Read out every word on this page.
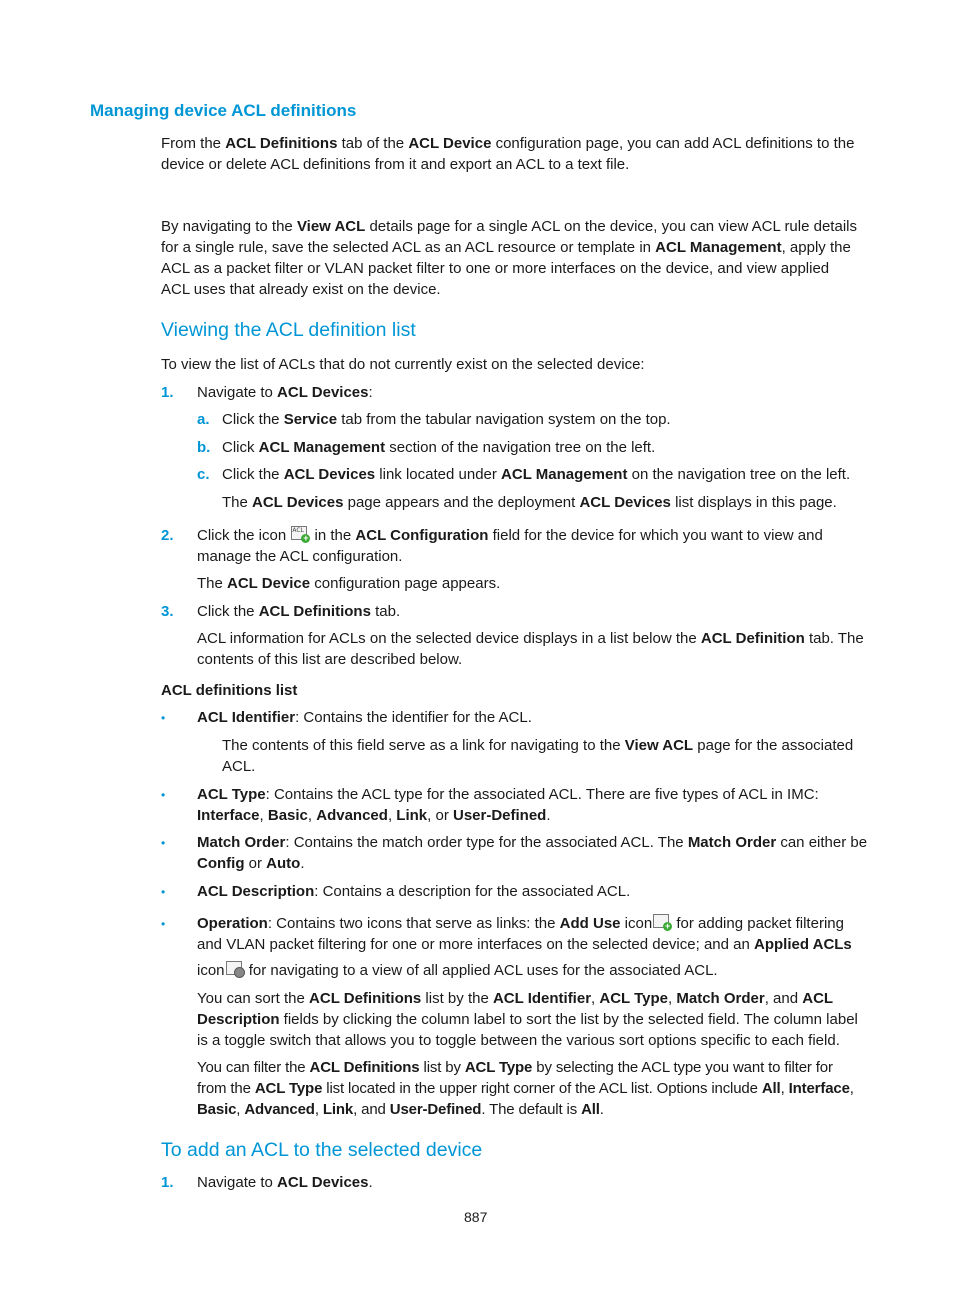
Managing device ACL definitions
From the ACL Definitions tab of the ACL Device configuration page, you can add ACL definitions to the
device or delete ACL definitions from it and export an ACL to a text file.
By navigating to the View ACL details page for a single ACL on the device, you can view ACL rule details
for a single rule, save the selected ACL as an ACL resource or template in ACL Management, apply the
ACL as a packet filter or VLAN packet filter to one or more interfaces on the device, and view applied
ACL uses that already exist on the device.
Viewing the ACL definition list
To view the list of ACLs that do not currently exist on the selected device:
1. Navigate to ACL Devices:
a. Click the Service tab from the tabular navigation system on the top.
b. Click ACL Management section of the navigation tree on the left.
c. Click the ACL Devices link located under ACL Management on the navigation tree on the left.
The ACL Devices page appears and the deployment ACL Devices list displays in this page.
2. Click the icon ACL
+ in the ACL Configuration field for the device for which you want to view and
manage the ACL configuration.
The ACL Device configuration page appears.
3. Click the ACL Definitions tab.
ACL information for ACLs on the selected device displays in a list below the ACL Definition tab. The
contents of this list are described below.
ACL definitions list
• ACL Identifier: Contains the identifier for the ACL.
The contents of this field serve as a link for navigating to the View ACL page for the associated
ACL.
• ACL Type: Contains the ACL type for the associated ACL. There are five types of ACL in IMC:
Interface, Basic, Advanced, Link, or User-Defined.
• Match Order: Contains the match order type for the associated ACL. The Match Order can either be
Config or Auto.
• ACL Description: Contains a description for the associated ACL.
• Operation: Contains two icons that serve as links: the Add Use icon + for adding packet filtering
and VLAN packet filtering for one or more interfaces on the selected device; and an Applied ACLs
icon
for navigating to a view of all applied ACL uses for the associated ACL.
You can sort the ACL Definitions list by the ACL Identifier, ACL Type, Match Order, and ACL
Description fields by clicking the column label to sort the list by the selected field. The column label
is a toggle switch that allows you to toggle between the various sort options specific to each field.
You can filter the ACL Definitions list by ACL Type by selecting the ACL type you want to filter for
from the ACL Type list located in the upper right corner of the ACL list. Options include All, Interface,
Basic, Advanced, Link, and User-Defined. The default is All.
To add an ACL to the selected device
1. Navigate to ACL Devices.
887
